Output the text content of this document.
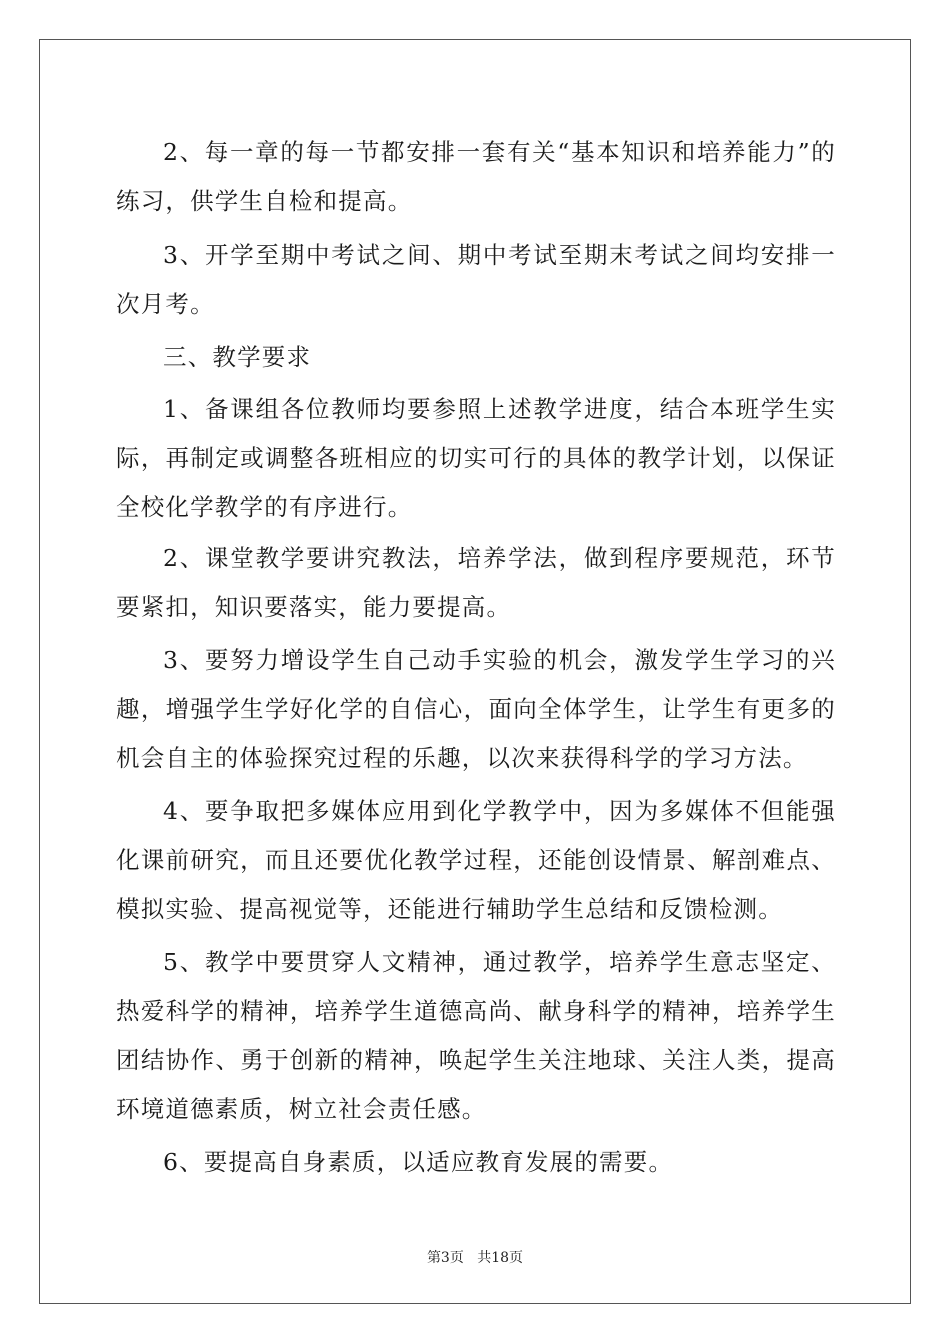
2、每一章的每一节都安排一套有关“基本知识和培养能力”的练习，供学生自检和提高。

3、开学至期中考试之间、期中考试至期末考试之间均安排一次月考。

三、教学要求

1、备课组各位教师均要参照上述教学进度，结合本班学生实际，再制定或调整各班相应的切实可行的具体的教学计划，以保证全校化学教学的有序进行。

2、课堂教学要讲究教法，培养学法，做到程序要规范，环节要紧扣，知识要落实，能力要提高。

3、要努力增设学生自己动手实验的机会，激发学生学习的兴趣，增强学生学好化学的自信心，面向全体学生，让学生有更多的机会自主的体验探究过程的乐趣，以次来获得科学的学习方法。

4、要争取把多媒体应用到化学教学中，因为多媒体不但能强化课前研究，而且还要优化教学过程，还能创设情景、解剖难点、模拟实验、提高视觉等，还能进行辅助学生总结和反馈检测。

5、教学中要贯穿人文精神，通过教学，培养学生意志坚定、热爱科学的精神，培养学生道德高尚、献身科学的精神，培养学生团结协作、勇于创新的精神，唤起学生关注地球、关注人类，提高环境道德素质，树立社会责任感。

6、要提高自身素质，以适应教育发展的需要。

第3页 共18页
